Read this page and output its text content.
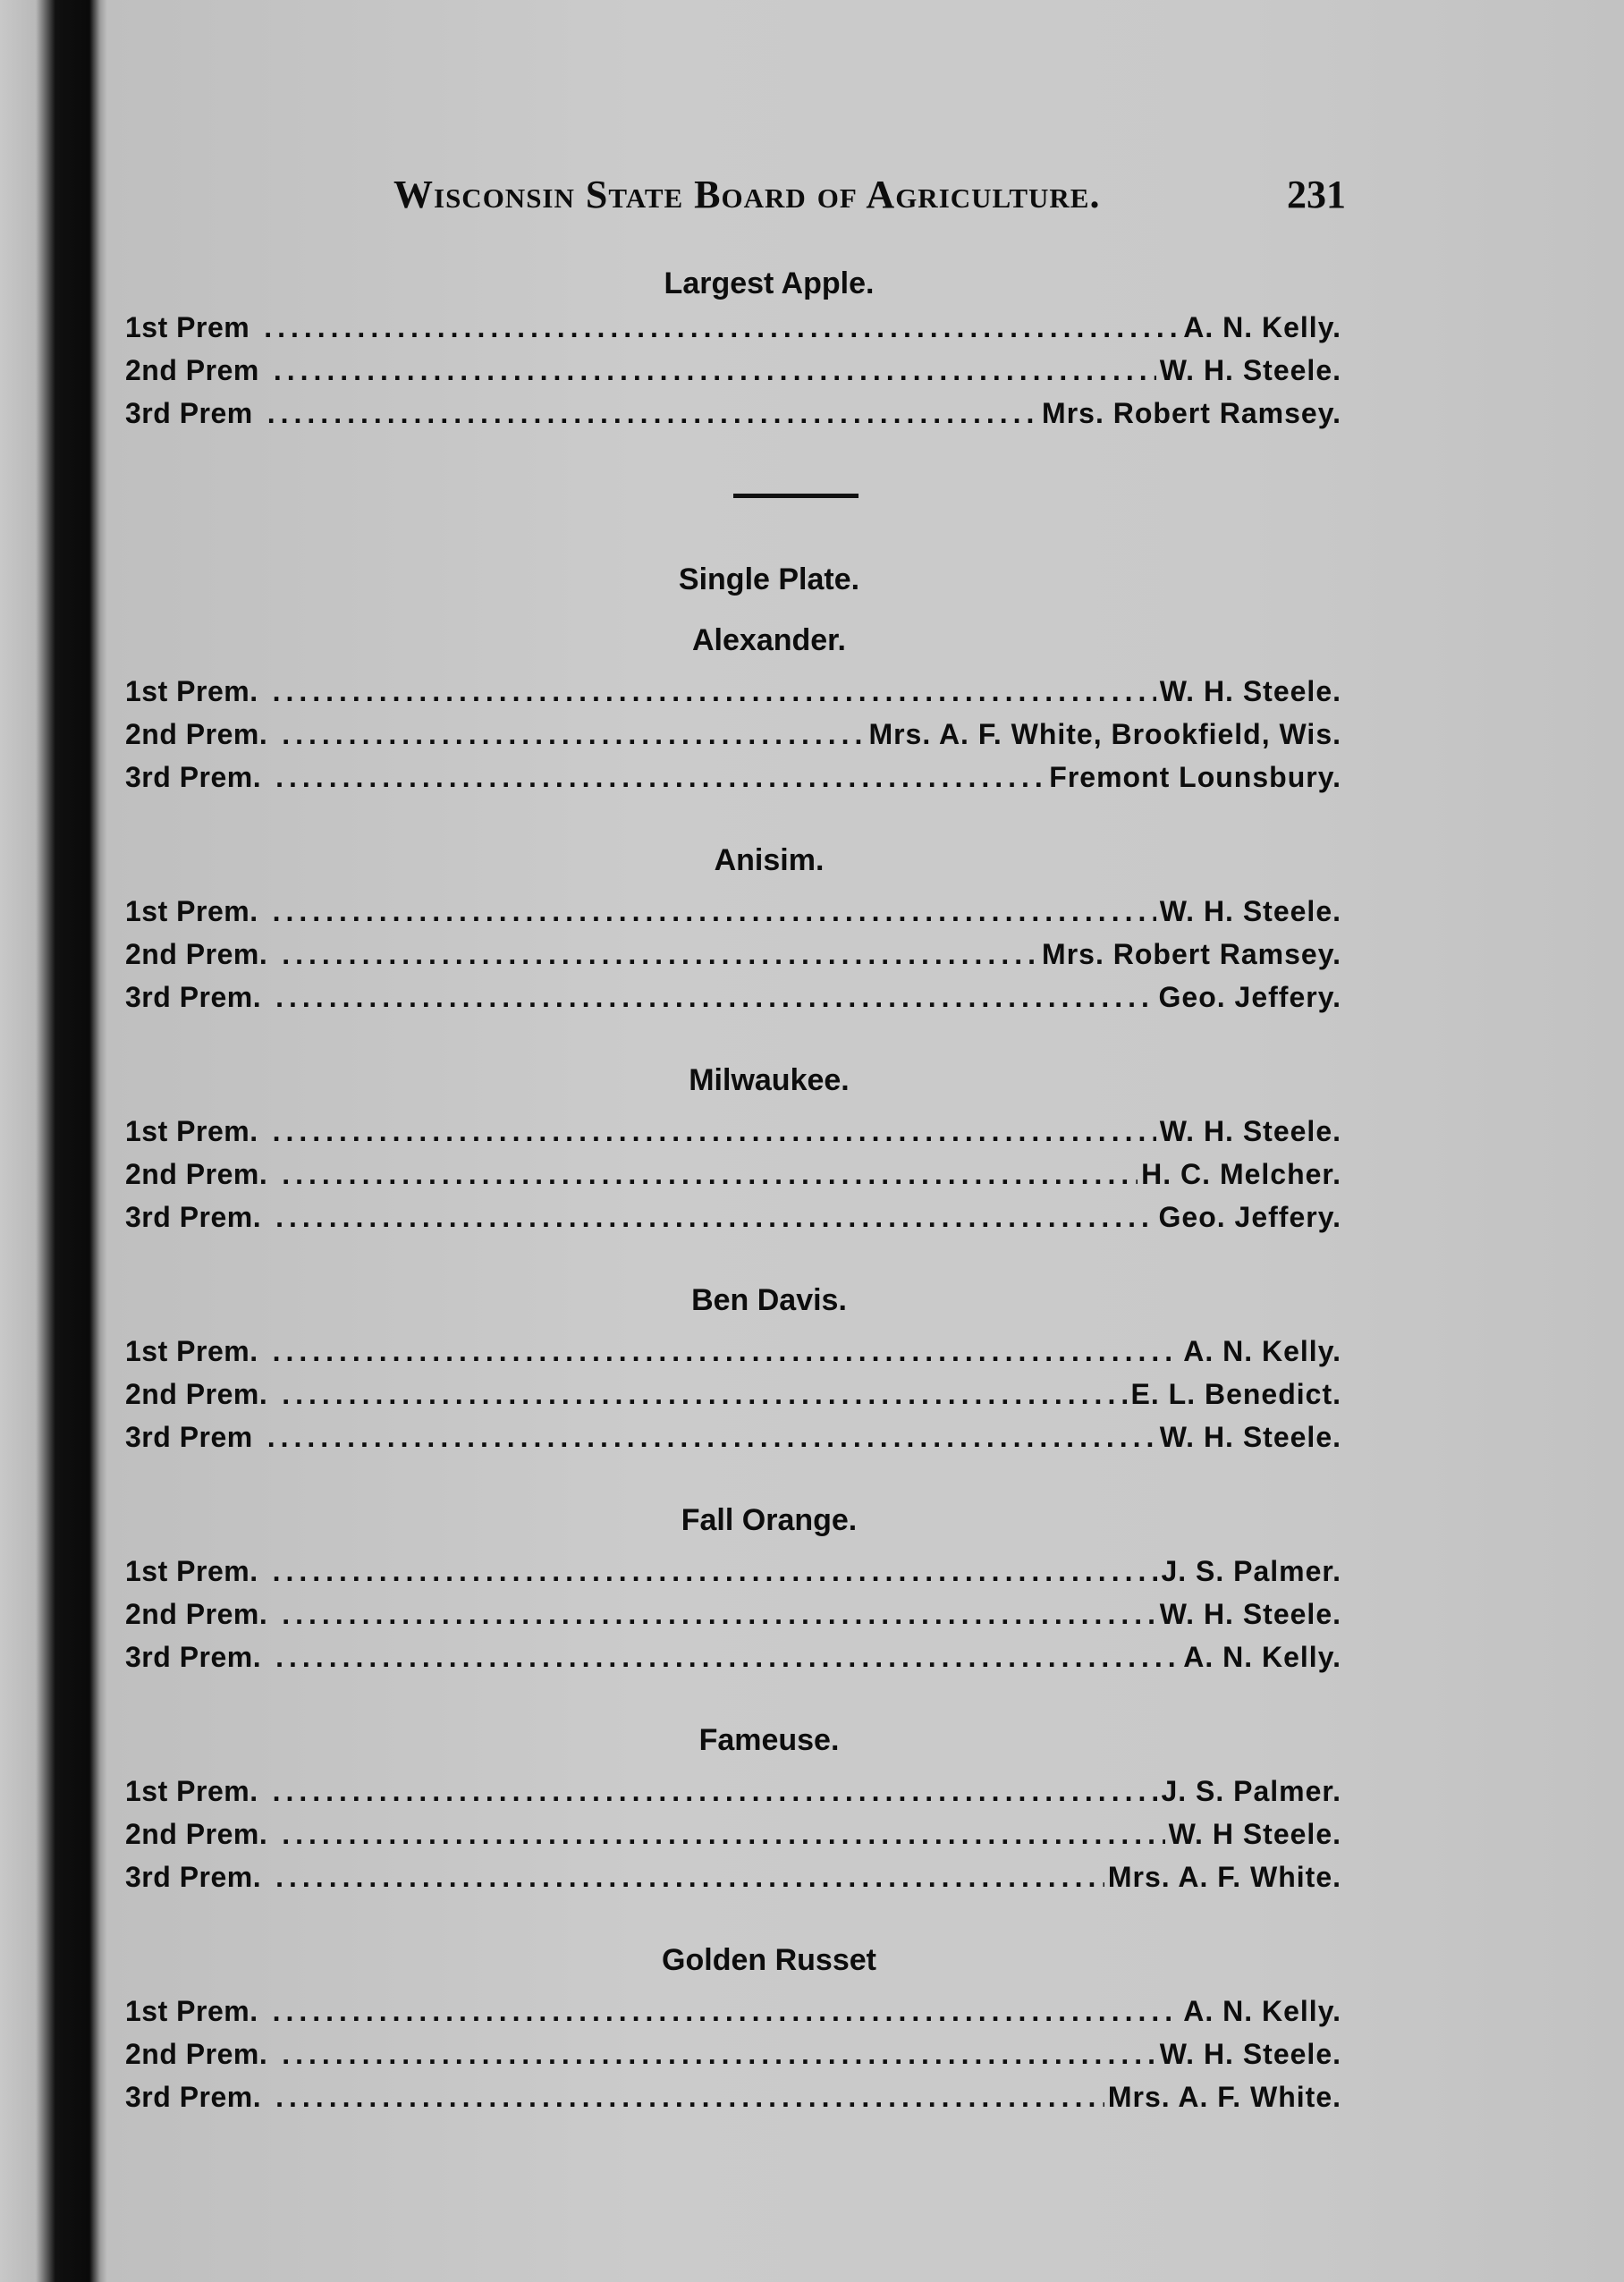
Wisconsin State Board of Agriculture.	231
Largest Apple.
1st Prem .....	A. N. Kelly.
2nd Prem .....	W. H. Steele.
3rd Prem .....	Mrs. Robert Ramsey.
Single Plate.
Alexander.
1st Prem. .....	W. H. Steele.
2nd Prem. .....	Mrs. A. F. White, Brookfield, Wis.
3rd Prem. .....	Fremont Lounsbury.
Anisim.
1st Prem. .....	W. H. Steele.
2nd Prem. .....	Mrs. Robert Ramsey.
3rd Prem. .....	Geo. Jeffery.
Milwaukee.
1st Prem. .....	W. H. Steele.
2nd Prem. .....	H. C. Melcher.
3rd Prem. .....	Geo. Jeffery.
Ben Davis.
1st Prem. .....	A. N. Kelly.
2nd Prem. .....	E. L. Benedict.
3rd Prem .....	W. H. Steele.
Fall Orange.
1st Prem. .....	J. S. Palmer.
2nd Prem. .....	W. H. Steele.
3rd Prem. .....	A. N. Kelly.
Fameuse.
1st Prem. .....	J. S. Palmer.
2nd Prem. .....	W. H Steele.
3rd Prem. .....	Mrs. A. F. White.
Golden Russet
1st Prem. .....	A. N. Kelly.
2nd Prem. .....	W. H. Steele.
3rd Prem. .....	Mrs. A. F. White.
